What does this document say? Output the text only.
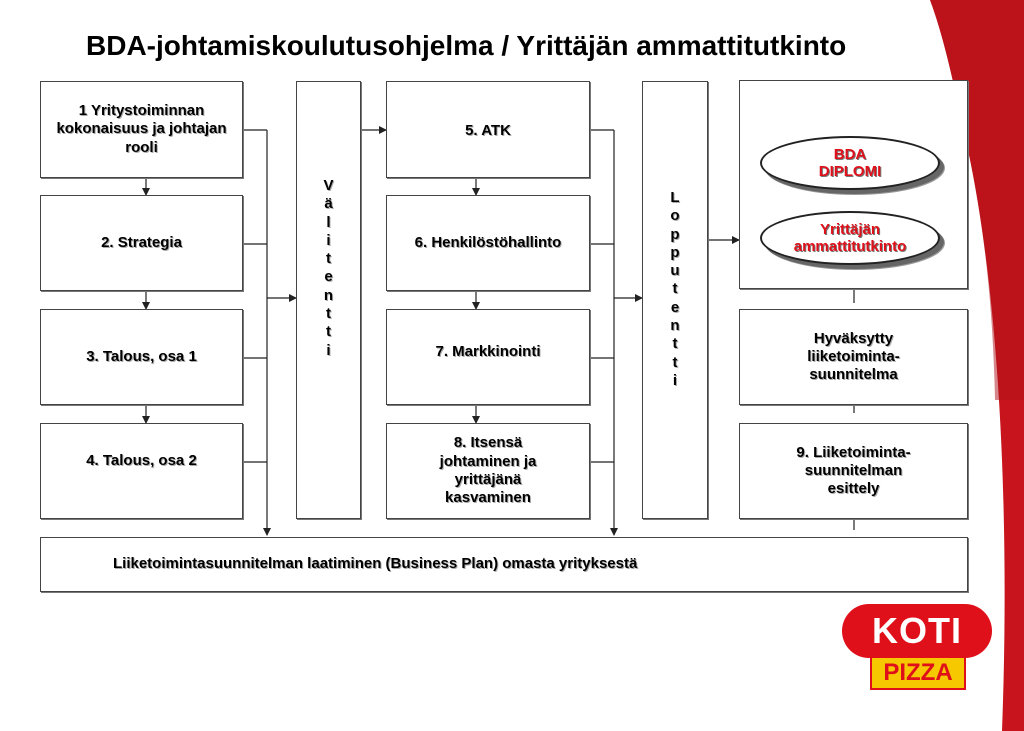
BDA-johtamiskoulutusohjelma / Yrittäjän ammattitutkinto
1 Yritystoiminnan kokonaisuus ja johtajan rooli
2. Strategia
3. Talous, osa 1
4. Talous, osa 2
V
ä
l
i
t
e
n
t
t
i
5. ATK
6. Henkilöstöhallinto
7. Markkinointi
8. Itsensä
johtaminen ja
yrittäjänä
kasvaminen
L
o
p
p
u
t
e
n
t
t
i
BDA
DIPLOMI
Yrittäjän
ammattitutkinto
Hyväksytty
liiketoiminta-
suunnitelma
9. Liiketoiminta-
suunnitelman
esittely
Liiketoimintasuunnitelman laatiminen (Business Plan) omasta yrityksestä
KOTI
PIZZA
